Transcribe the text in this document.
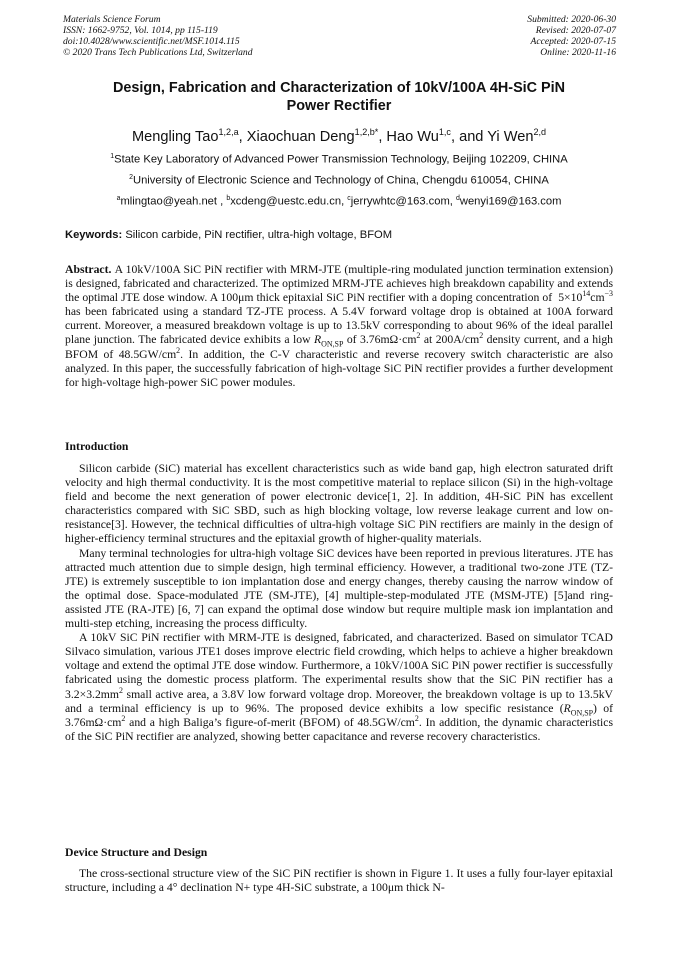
Materials Science Forum
ISSN: 1662-9752, Vol. 1014, pp 115-119
doi:10.4028/www.scientific.net/MSF.1014.115
© 2020 Trans Tech Publications Ltd, Switzerland
Submitted: 2020-06-30
Revised: 2020-07-07
Accepted: 2020-07-15
Online: 2020-11-16
Design, Fabrication and Characterization of 10kV/100A 4H-SiC PiN
Power Rectifier
Mengling Tao$^{1,2,a}$, Xiaochuan Deng$^{1,2,b*}$, Hao Wu$^{1,c}$, and Yi Wen$^{2,d}$
$^1$State Key Laboratory of Advanced Power Transmission Technology, Beijing 102209, CHINA
$^2$University of Electronic Science and Technology of China, Chengdu 610054, CHINA
$^a$mlingtao@yeah.net , $^b$xcdeng@uestc.edu.cn, $^c$jerrywhtc@163.com, $^d$wenyi169@163.com
Keywords: Silicon carbide, PiN rectifier, ultra-high voltage, BFOM

Abstract. A 10kV/100A SiC PiN rectifier with MRM-JTE (multiple-ring modulated junction termination extension) is designed, fabricated and characterized. The optimized MRM-JTE achieves high breakdown capability and extends the optimal JTE dose window. A 100μm thick epitaxial SiC PiN rectifier with a doping concentration of  $5\times 10^{14}cm^{-3}$ has been fabricated using a standard TZ-JTE process. A 5.4V forward voltage drop is obtained at 100A forward current. Moreover, a measured breakdown voltage is up to 13.5kV corresponding to about 96% of the ideal parallel plane junction. The fabricated device exhibits a low $R_{ON,SP}$ of $3.76m\Omega\cdot cm^2$ at $200A/cm^2$ density current, and a high BFOM of $48.5GW/cm^2$. In addition, the C-V characteristic and reverse recovery switch characteristic are also analyzed. In this paper, the successfully fabrication of high-voltage SiC PiN rectifier provides a further development for high-voltage high-power SiC power modules.

Introduction

Silicon carbide (SiC) material has excellent characteristics such as wide band gap, high electron saturated drift velocity and high thermal conductivity. It is the most competitive material to replace silicon (Si) in the high-voltage field and become the next generation of power electronic device[1, 2]. In addition, 4H-SiC PiN has excellent characteristics compared with SiC SBD, such as high blocking voltage, low reverse leakage current and low on-resistance[3]. However, the technical difficulties of ultra-high voltage SiC PiN rectifiers are mainly in the design of higher-efficiency terminal structures and the epitaxial growth of higher-quality materials.

Many terminal technologies for ultra-high voltage SiC devices have been reported in previous literatures. JTE has attracted much attention due to simple design, high terminal efficiency. However, a traditional two-zone JTE (TZ-JTE) is extremely susceptible to ion implantation dose and energy changes, thereby causing the narrow window of the optimal dose. Space-modulated JTE (SM-JTE), [4] multiple-step-modulated JTE (MSM-JTE) [5]and ring-assisted JTE (RA-JTE) [6, 7] can expand the optimal dose window but require multiple mask ion implantation and multi-step etching, increasing the process difficulty.

A 10kV SiC PiN rectifier with MRM-JTE is designed, fabricated, and characterized. Based on simulator TCAD Silvaco simulation, various JTE1 doses improve electric field crowding, which helps to achieve a higher breakdown voltage and extend the optimal JTE dose window. Furthermore, a 10kV/100A SiC PiN power rectifier is successfully fabricated using the domestic process platform. The experimental results show that the SiC PiN rectifier has a $3.2\times 3.2mm^2$ small active area, a 3.8V low forward voltage drop. Moreover, the breakdown voltage is up to 13.5kV and a terminal efficiency is up to 96%. The proposed device exhibits a low specific resistance $(R_{ON,SP})$ of $3.76m\Omega\cdot cm^2$ and a high Baliga’s figure-of-merit (BFOM) of $48.5GW/cm^2$. In addition, the dynamic characteristics of the SiC PiN rectifier are analyzed, showing better capacitance and reverse recovery characteristics.

Device Structure and Design

The cross-sectional structure view of the SiC PiN rectifier is shown in Figure 1. It uses a fully four-layer epitaxial structure, including a 4° declination N+ type 4H-SiC substrate, a 100μm thick N-
